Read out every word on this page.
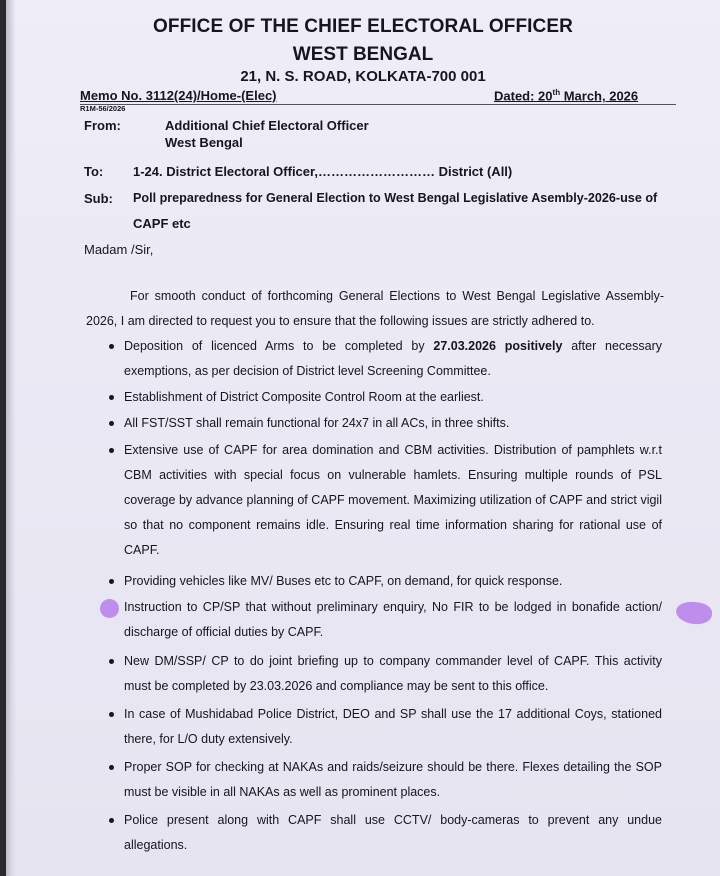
OFFICE OF THE CHIEF ELECTORAL OFFICER
WEST BENGAL
21, N. S. ROAD, KOLKATA-700 001
Memo No. 3112(24)/Home-(Elec)	Dated: 20th March, 2026
R1M-56/2026
From:	Additional Chief Electoral Officer
West Bengal
To: 1-24. District Electoral Officer,……………………… District (All)
Sub: Poll preparedness for General Election to West Bengal Legislative Asembly-2026-use of
CAPF etc
Madam /Sir,
For smooth conduct of forthcoming General Elections to West Bengal Legislative Assembly-2026, I am directed to request you to ensure that the following issues are strictly adhered to.
Deposition of licenced Arms to be completed by 27.03.2026 positively after necessary exemptions, as per decision of District level Screening Committee.
Establishment of District Composite Control Room at the earliest.
All FST/SST shall remain functional for 24x7 in all ACs, in three shifts.
Extensive use of CAPF for area domination and CBM activities. Distribution of pamphlets w.r.t CBM activities with special focus on vulnerable hamlets. Ensuring multiple rounds of PSL coverage by advance planning of CAPF movement. Maximizing utilization of CAPF and strict vigil so that no component remains idle. Ensuring real time information sharing for rational use of CAPF.
Providing vehicles like MV/ Buses etc to CAPF, on demand, for quick response.
Instruction to CP/SP that without preliminary enquiry, No FIR to be lodged in bonafide action/ discharge of official duties by CAPF.
New DM/SSP/ CP to do joint briefing up to company commander level of CAPF. This activity must be completed by 23.03.2026 and compliance may be sent to this office.
In case of Mushidabad Police District, DEO and SP shall use the 17 additional Coys, stationed there, for L/O duty extensively.
Proper SOP for checking at NAKAs and raids/seizure should be there. Flexes detailing the SOP must be visible in all NAKAs as well as prominent places.
Police present along with CAPF shall use CCTV/ body-cameras to prevent any undue allegations.
